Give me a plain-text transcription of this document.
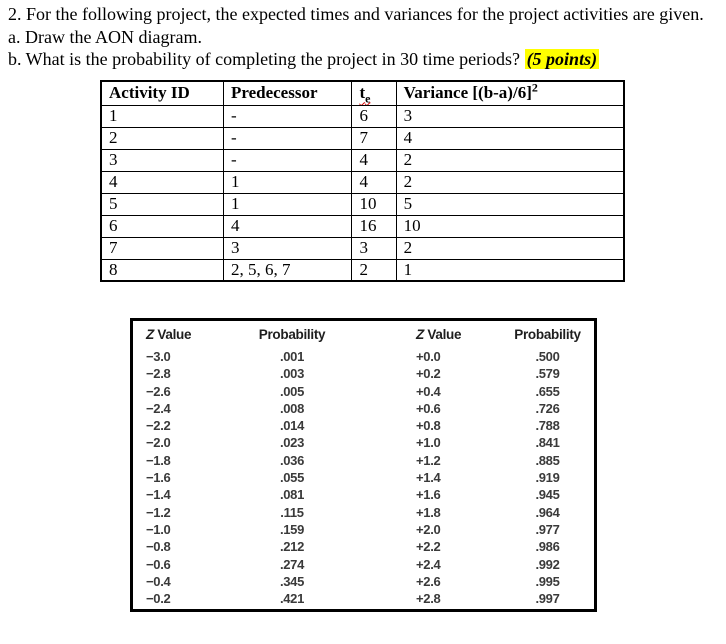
2. For the following project, the expected times and variances for the project activities are given.
a. Draw the AON diagram.
b. What is the probability of completing the project in 30 time periods? (5 points)
Activity ID	Predecessor	$t_e$	Variance $[(b-a)/6]^2$
1	-	6	3
2	-	7	4
3	-	4	2
4	1	4	2
5	1	10	5
6	4	16	10
7	3	3	2
8	2, 5, 6, 7	2	1
Z Value	Probability	Z Value	Probability
−3.0	.001	+0.0	.500
−2.8	.003	+0.2	.579
−2.6	.005	+0.4	.655
−2.4	.008	+0.6	.726
−2.2	.014	+0.8	.788
−2.0	.023	+1.0	.841
−1.8	.036	+1.2	.885
−1.6	.055	+1.4	.919
−1.4	.081	+1.6	.945
−1.2	.115	+1.8	.964
−1.0	.159	+2.0	.977
−0.8	.212	+2.2	.986
−0.6	.274	+2.4	.992
−0.4	.345	+2.6	.995
−0.2	.421	+2.8	.997
